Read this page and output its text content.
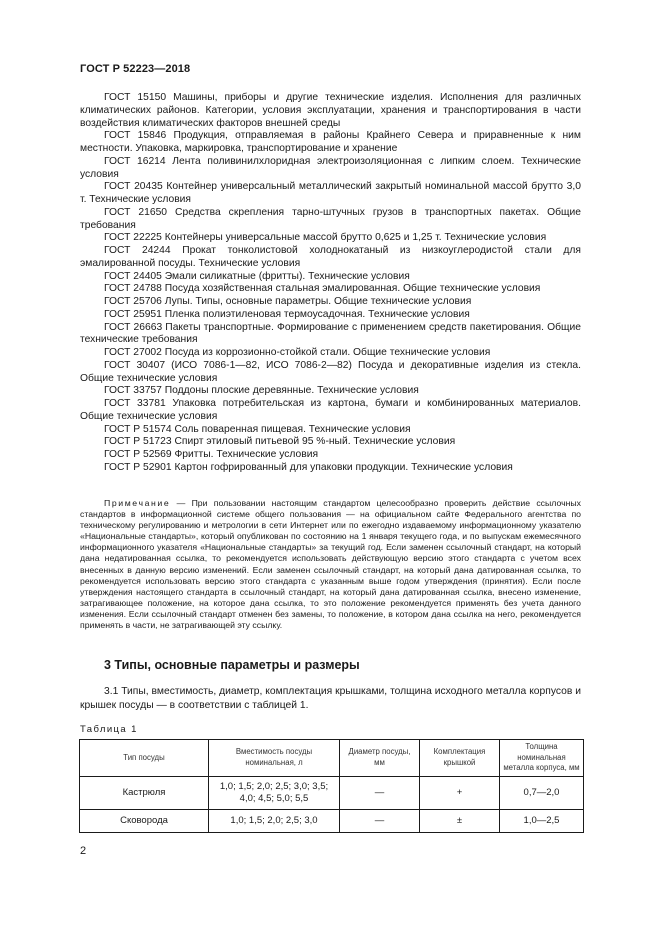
ГОСТ Р 52223—2018

ГОСТ 15150 Машины, приборы и другие технические изделия. Исполнения для различных климатических районов. Категории, условия эксплуатации, хранения и транспортирования в части воздействия климатических факторов внешней среды

ГОСТ 15846 Продукция, отправляемая в районы Крайнего Севера и приравненные к ним местности. Упаковка, маркировка, транспортирование и хранение

ГОСТ 16214 Лента поливинилхлоридная электроизоляционная с липким слоем. Технические условия

ГОСТ 20435 Контейнер универсальный металлический закрытый номинальной массой брутто 3,0 т. Технические условия

ГОСТ 21650 Средства скрепления тарно-штучных грузов в транспортных пакетах. Общие требования

ГОСТ 22225 Контейнеры универсальные массой брутто 0,625 и 1,25 т. Технические условия

ГОСТ 24244 Прокат тонколистовой холоднокатаный из низкоуглеродистой стали для эмалированной посуды. Технические условия

ГОСТ 24405 Эмали силикатные (фритты). Технические условия

ГОСТ 24788 Посуда хозяйственная стальная эмалированная. Общие технические условия

ГОСТ 25706 Лупы. Типы, основные параметры. Общие технические условия

ГОСТ 25951 Пленка полиэтиленовая термоусадочная. Технические условия

ГОСТ 26663 Пакеты транспортные. Формирование с применением средств пакетирования. Общие технические требования

ГОСТ 27002 Посуда из коррозионно-стойкой стали. Общие технические условия

ГОСТ 30407 (ИСО 7086-1—82, ИСО 7086-2—82) Посуда и декоративные изделия из стекла. Общие технические условия

ГОСТ 33757 Поддоны плоские деревянные. Технические условия

ГОСТ 33781 Упаковка потребительская из картона, бумаги и комбинированных материалов. Общие технические условия

ГОСТ Р 51574 Соль поваренная пищевая. Технические условия

ГОСТ Р 51723 Спирт этиловый питьевой 95 %-ный. Технические условия

ГОСТ Р 52569 Фритты. Технические условия

ГОСТ Р 52901 Картон гофрированный для упаковки продукции. Технические условия

Примечание — При пользовании настоящим стандартом целесообразно проверить действие ссылочных стандартов в информационной системе общего пользования — на официальном сайте Федерального агентства по техническому регулированию и метрологии в сети Интернет или по ежегодно издаваемому информационному указателю «Национальные стандарты», который опубликован по состоянию на 1 января текущего года, и по выпускам ежемесячного информационного указателя «Национальные стандарты» за текущий год. Если заменен ссылочный стандарт, на который дана недатированная ссылка, то рекомендуется использовать действующую версию этого стандарта с учетом всех внесенных в данную версию изменений. Если заменен ссылочный стандарт, на который дана датированная ссылка, то рекомендуется использовать версию этого стандарта с указанным выше годом утверждения (принятия). Если после утверждения настоящего стандарта в ссылочный стандарт, на который дана датированная ссылка, внесено изменение, затрагивающее положение, на которое дана ссылка, то это положение рекомендуется применять без учета данного изменения. Если ссылочный стандарт отменен без замены, то положение, в котором дана ссылка на него, рекомендуется применять в части, не затрагивающей эту ссылку.
3 Типы, основные параметры и размеры
3.1 Типы, вместимость, диаметр, комплектация крышками, толщина исходного металла корпусов и крышек посуды — в соответствии с таблицей 1.
Таблица 1
Тип посуды	Вместимость посуды номинальная, л	Диаметр посуды, мм	Комплектация крышкой	Толщина номинальная металла корпуса, мм
Кастрюля	1,0; 1,5; 2,0; 2,5; 3,0; 3,5; 4,0; 4,5; 5,0; 5,5	—	+	0,7—2,0
Сковорода	1,0; 1,5; 2,0; 2,5; 3,0	—	±	1,0—2,5
2
